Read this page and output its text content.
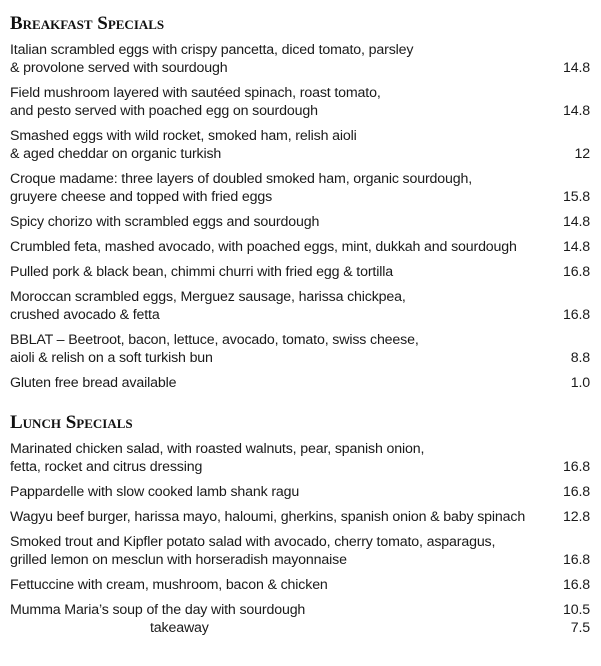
Breakfast Specials
Italian scrambled eggs with crispy pancetta, diced tomato, parsley
& provolone served with sourdough	14.8
Field mushroom layered with sautéed spinach, roast tomato,
and pesto served with poached egg on sourdough	14.8
Smashed eggs with wild rocket, smoked ham, relish aioli
& aged cheddar on organic turkish	12
Croque madame: three layers of doubled smoked ham, organic sourdough,
gruyere cheese and topped with fried eggs	15.8
Spicy chorizo with scrambled eggs and sourdough	14.8
Crumbled feta, mashed avocado, with poached eggs, mint, dukkah and sourdough	14.8
Pulled pork & black bean, chimmi churri with fried egg & tortilla	16.8
Moroccan scrambled eggs, Merguez sausage, harissa chickpea,
crushed avocado & fetta	16.8
BBLAT – Beetroot, bacon, lettuce, avocado, tomato, swiss cheese,
aioli & relish on a soft turkish bun	8.8
Gluten free bread available	1.0
Lunch Specials
Marinated chicken salad, with roasted walnuts, pear, spanish onion,
fetta, rocket and citrus dressing	16.8
Pappardelle with slow cooked lamb shank ragu	16.8
Wagyu beef burger, harissa mayo, haloumi, gherkins, spanish onion & baby spinach	12.8
Smoked trout and Kipfler potato salad with avocado, cherry tomato, asparagus,
grilled lemon on mesclun with horseradish mayonnaise	16.8
Fettuccine with cream, mushroom, bacon & chicken	16.8
Mumma Maria’s soup of the day with sourdough	10.5
takeaway	7.5
